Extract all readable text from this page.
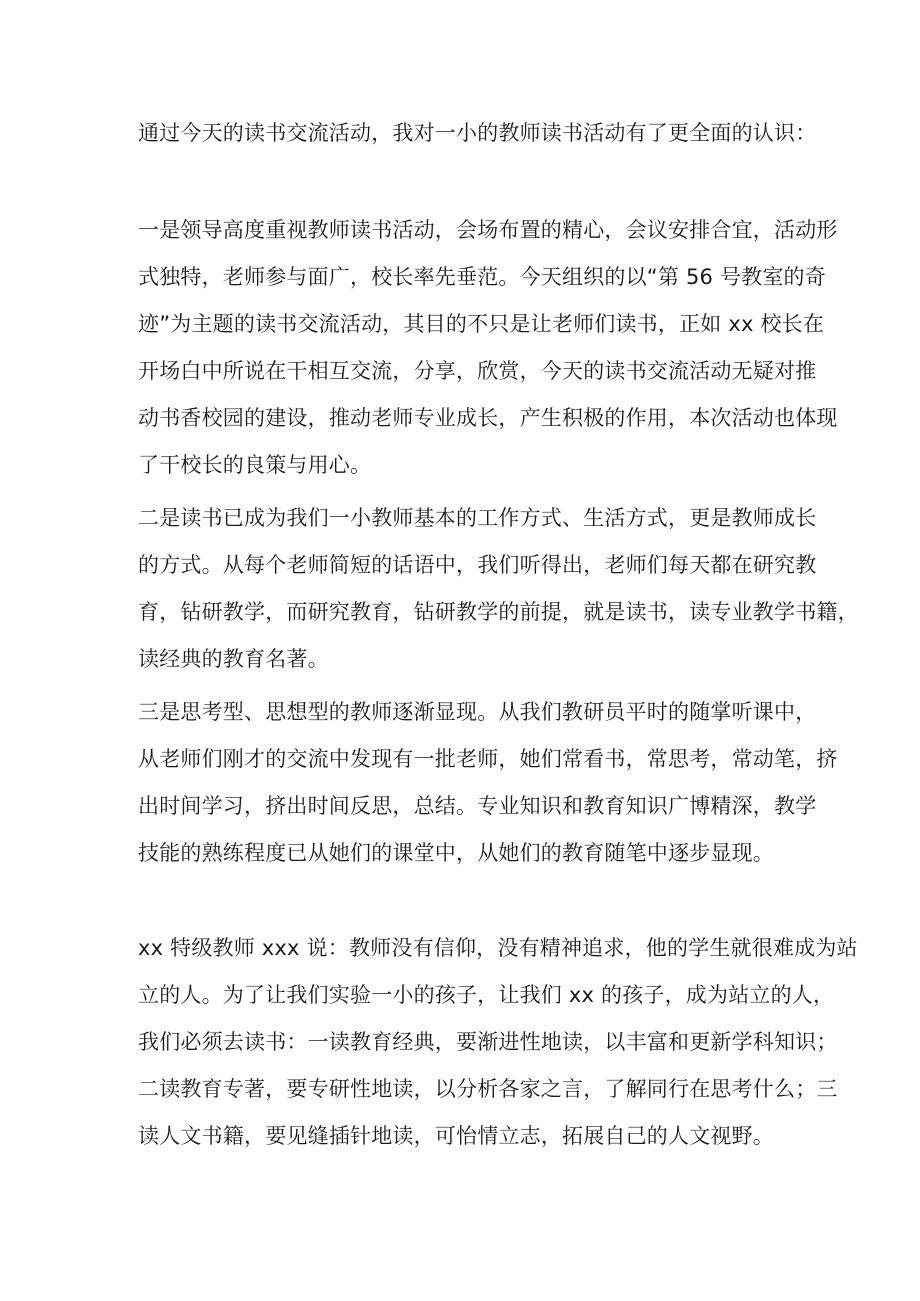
通过今天的读书交流活动，我对一小的教师读书活动有了更全面的认识：
一是领导高度重视教师读书活动，会场布置的精心，会议安排合宜，活动形
式独特，老师参与面广，校长率先垂范。今天组织的以“第 56 号教室的奇
迹”为主题的读书交流活动，其目的不只是让老师们读书，正如 xx 校长在
开场白中所说在干相互交流，分享，欣赏，今天的读书交流活动无疑对推
动书香校园的建设，推动老师专业成长，产生积极的作用，本次活动也体现
了干校长的良策与用心。
二是读书已成为我们一小教师基本的工作方式、生活方式，更是教师成长
的方式。从每个老师简短的话语中，我们听得出，老师们每天都在研究教
育，钻研教学，而研究教育，钻研教学的前提，就是读书，读专业教学书籍，
读经典的教育名著。
三是思考型、思想型的教师逐渐显现。从我们教研员平时的随掌听课中，
从老师们刚才的交流中发现有一批老师，她们常看书，常思考，常动笔，挤
出时间学习，挤出时间反思，总结。专业知识和教育知识广博精深，教学
技能的熟练程度已从她们的课堂中，从她们的教育随笔中逐步显现。
xx 特级教师 xxx 说：教师没有信仰，没有精神追求，他的学生就很难成为站
立的人。为了让我们实验一小的孩子，让我们 xx 的孩子，成为站立的人，
我们必须去读书：一读教育经典，要渐进性地读，以丰富和更新学科知识；
二读教育专著，要专研性地读，以分析各家之言，了解同行在思考什么；三
读人文书籍，要见缝插针地读，可怡情立志，拓展自己的人文视野。
